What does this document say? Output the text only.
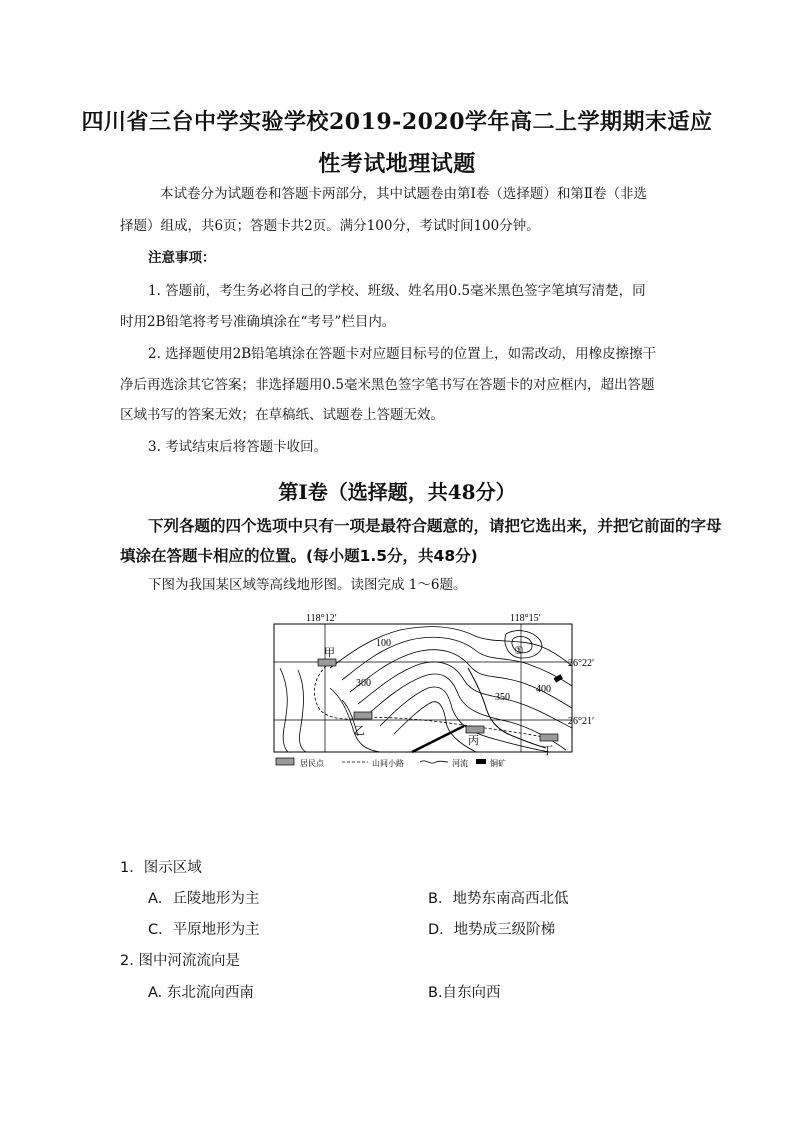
四川省三台中学实验学校2019-2020学年高二上学期期末适应
性考试地理试题
本试卷分为试题卷和答题卡两部分，其中试题卷由第Ⅰ卷（选择题）和第Ⅱ卷（非选
择题）组成，共6页；答题卡共2页。满分100分，考试时间100分钟。
注意事项：
1. 答题前，考生务必将自己的学校、班级、姓名用0.5毫米黑色签字笔填写清楚，同
时用2B铅笔将考号准确填涂在“考号”栏目内。
2. 选择题使用2B铅笔填涂在答题卡对应题目标号的位置上，如需改动，用橡皮擦擦干
净后再选涂其它答案；非选择题用0.5毫米黑色签字笔书写在答题卡的对应框内，超出答题
区域书写的答案无效；在草稿纸、试题卷上答题无效。
3. 考试结束后将答题卡收回。
第Ⅰ卷（选择题，共48分）
下列各题的四个选项中只有一项是最符合题意的，请把它选出来，并把它前面的字母
填涂在答题卡相应的位置。(每小题1.5分，共48分)
下图为我国某区域等高线地形图。读图完成 1～6题。
118°12′	118°15′
26°22′
26°21′
100
300
350
400
①
甲
乙
丙
丁
居民点	山间小路	河流	铜矿
1．图示区域
A．丘陵地形为主	B．地势东南高西北低
C．平原地形为主	D．地势成三级阶梯
2. 图中河流流向是
A. 东北流向西南	B.自东向西
